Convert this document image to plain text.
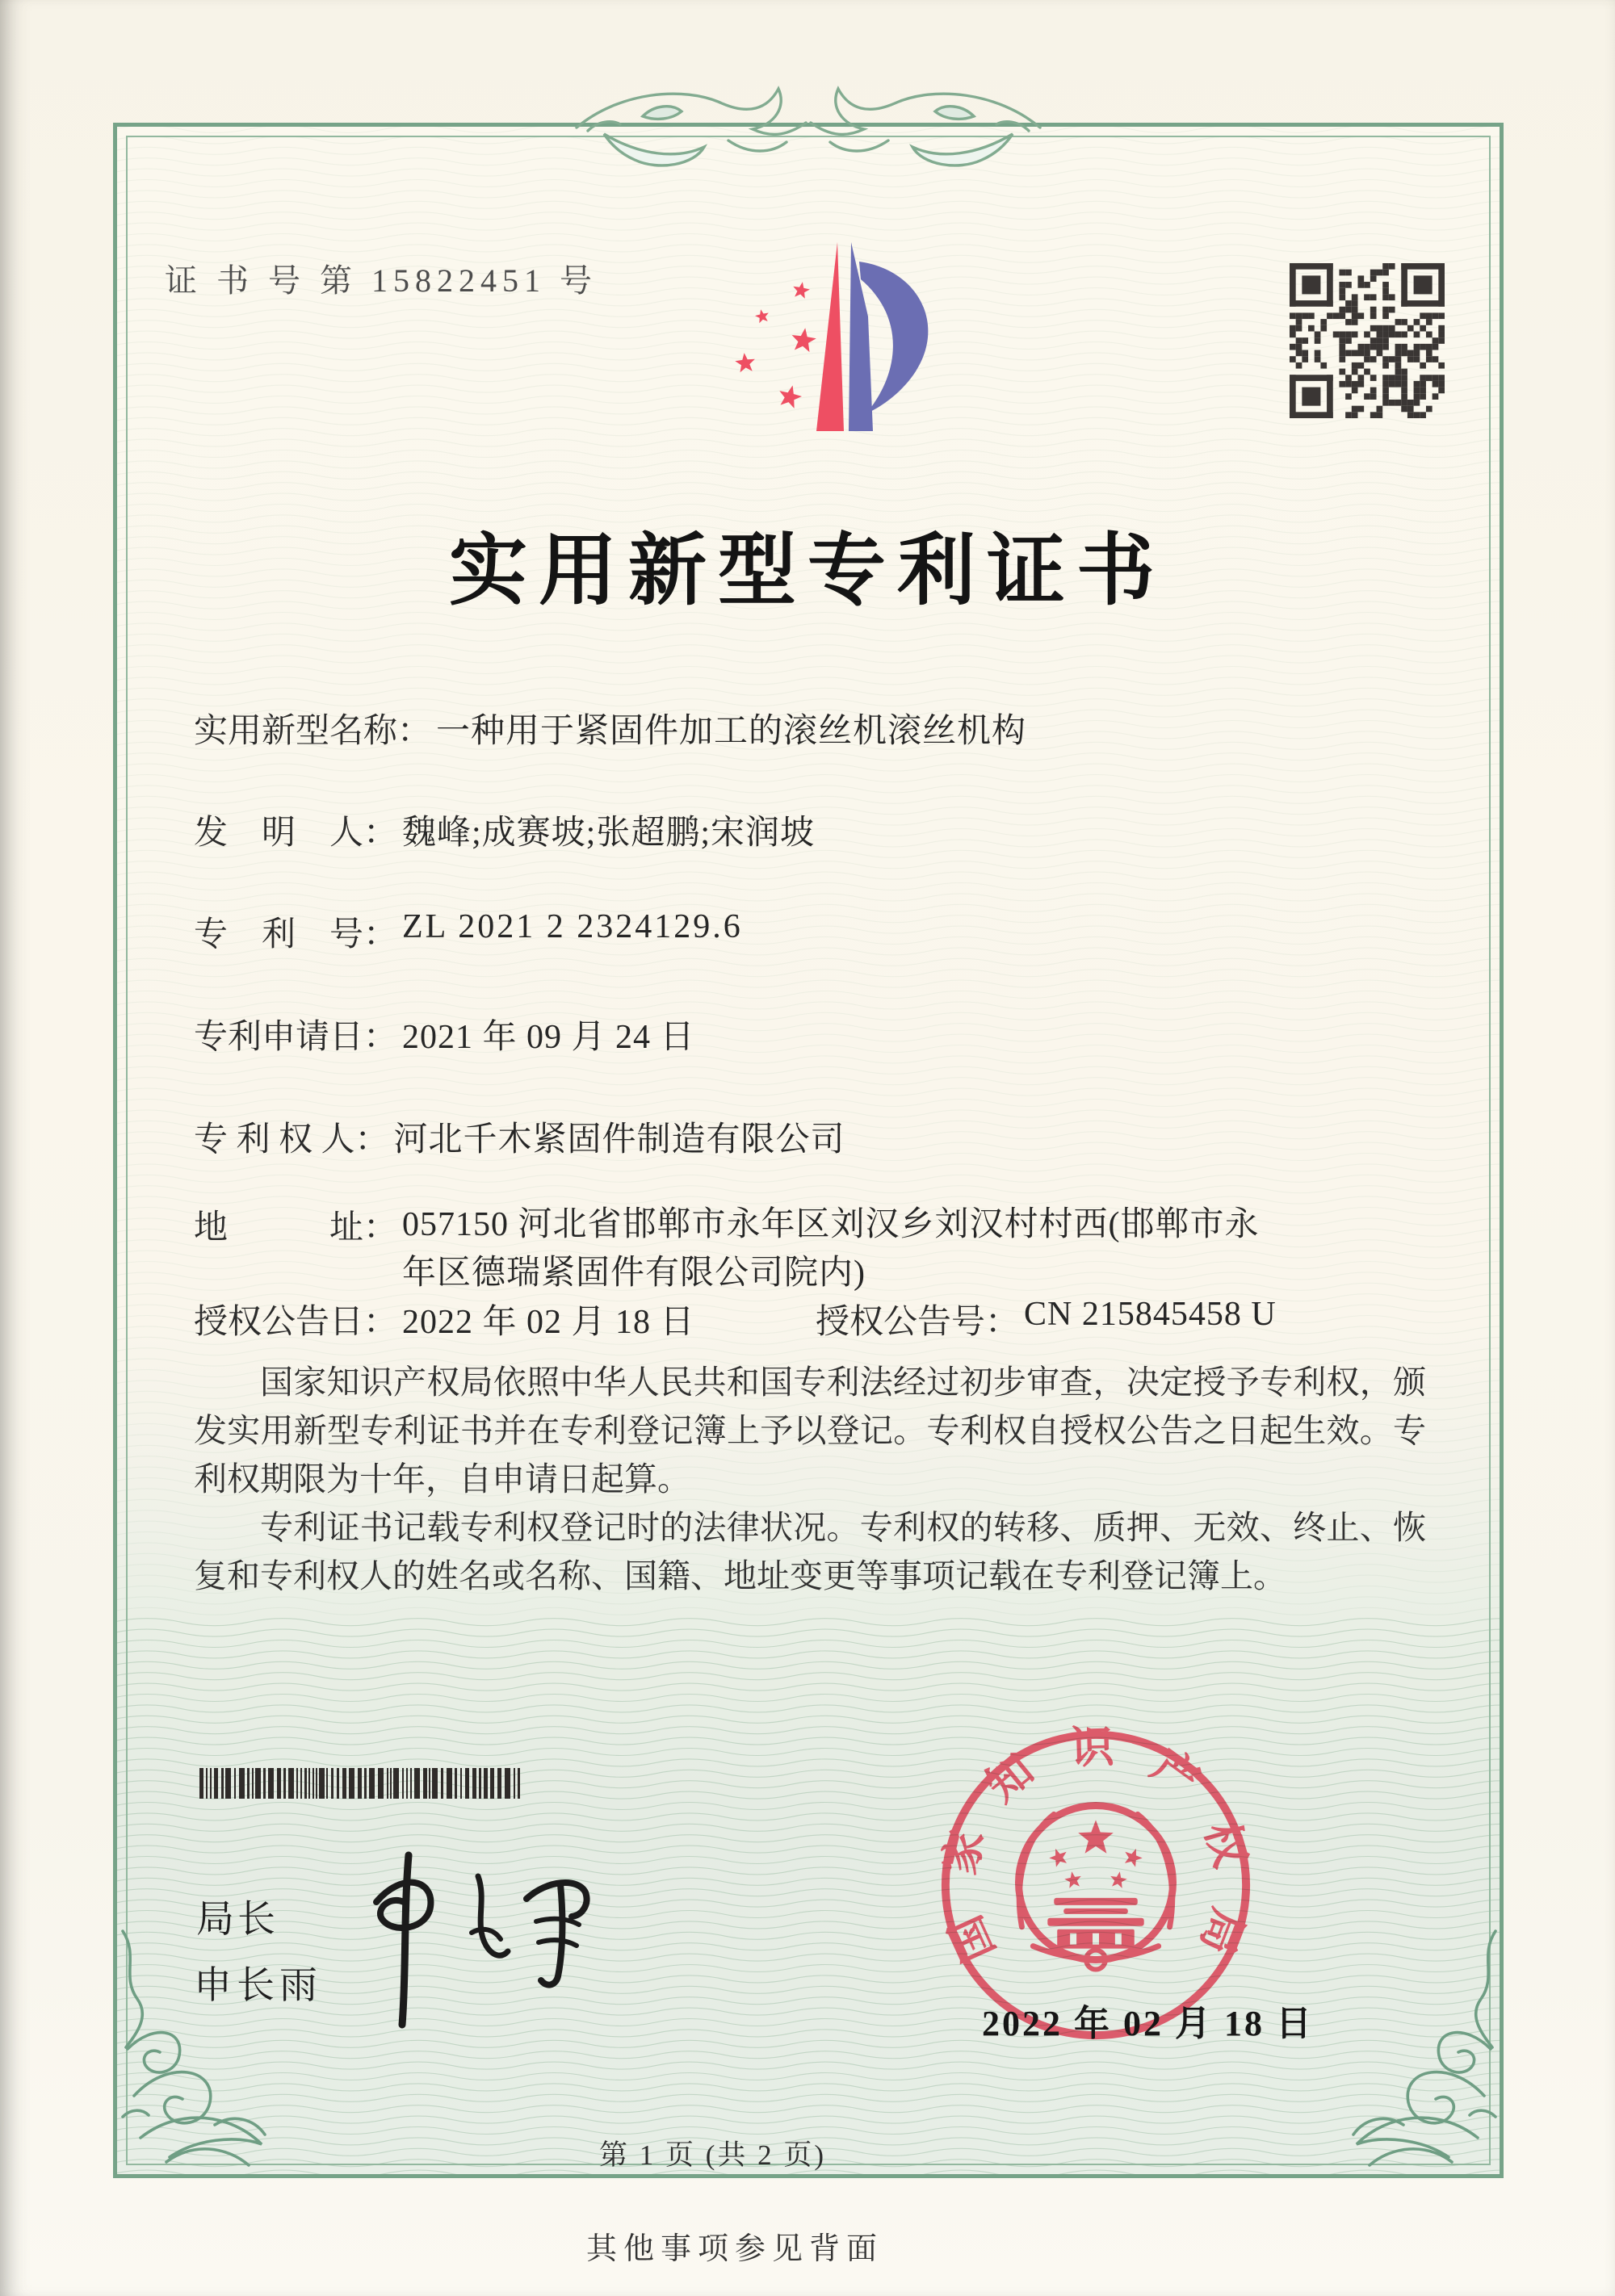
证 书 号 第 15822451 号
实用新型专利证书
实用新型名称： 一种用于紧固件加工的滚丝机滚丝机构
发　明　人： 魏峰;成赛坡;张超鹏;宋润坡
专　利　号： ZL 2021 2 2324129.6
专利申请日： 2021 年 09 月 24 日
专 利 权 人： 河北千木紧固件制造有限公司
地　　　址： 057150 河北省邯郸市永年区刘汉乡刘汉村村西(邯郸市永年区德瑞紧固件有限公司院内)
授权公告日： 2022 年 02 月 18 日	授权公告号： CN 215845458 U

国家知识产权局依照中华人民共和国专利法经过初步审查，决定授予专利权，颁发实用新型专利证书并在专利登记簿上予以登记。专利权自授权公告之日起生效。专利权期限为十年，自申请日起算。

专利证书记载专利权登记时的法律状况。专利权的转移、质押、无效、终止、恢复和专利权人的姓名或名称、国籍、地址变更等事项记载在专利登记簿上。

局长
申长雨
国家知识产权局
2022 年 02 月 18 日
第 1 页 (共 2 页)
其他事项参见背面
